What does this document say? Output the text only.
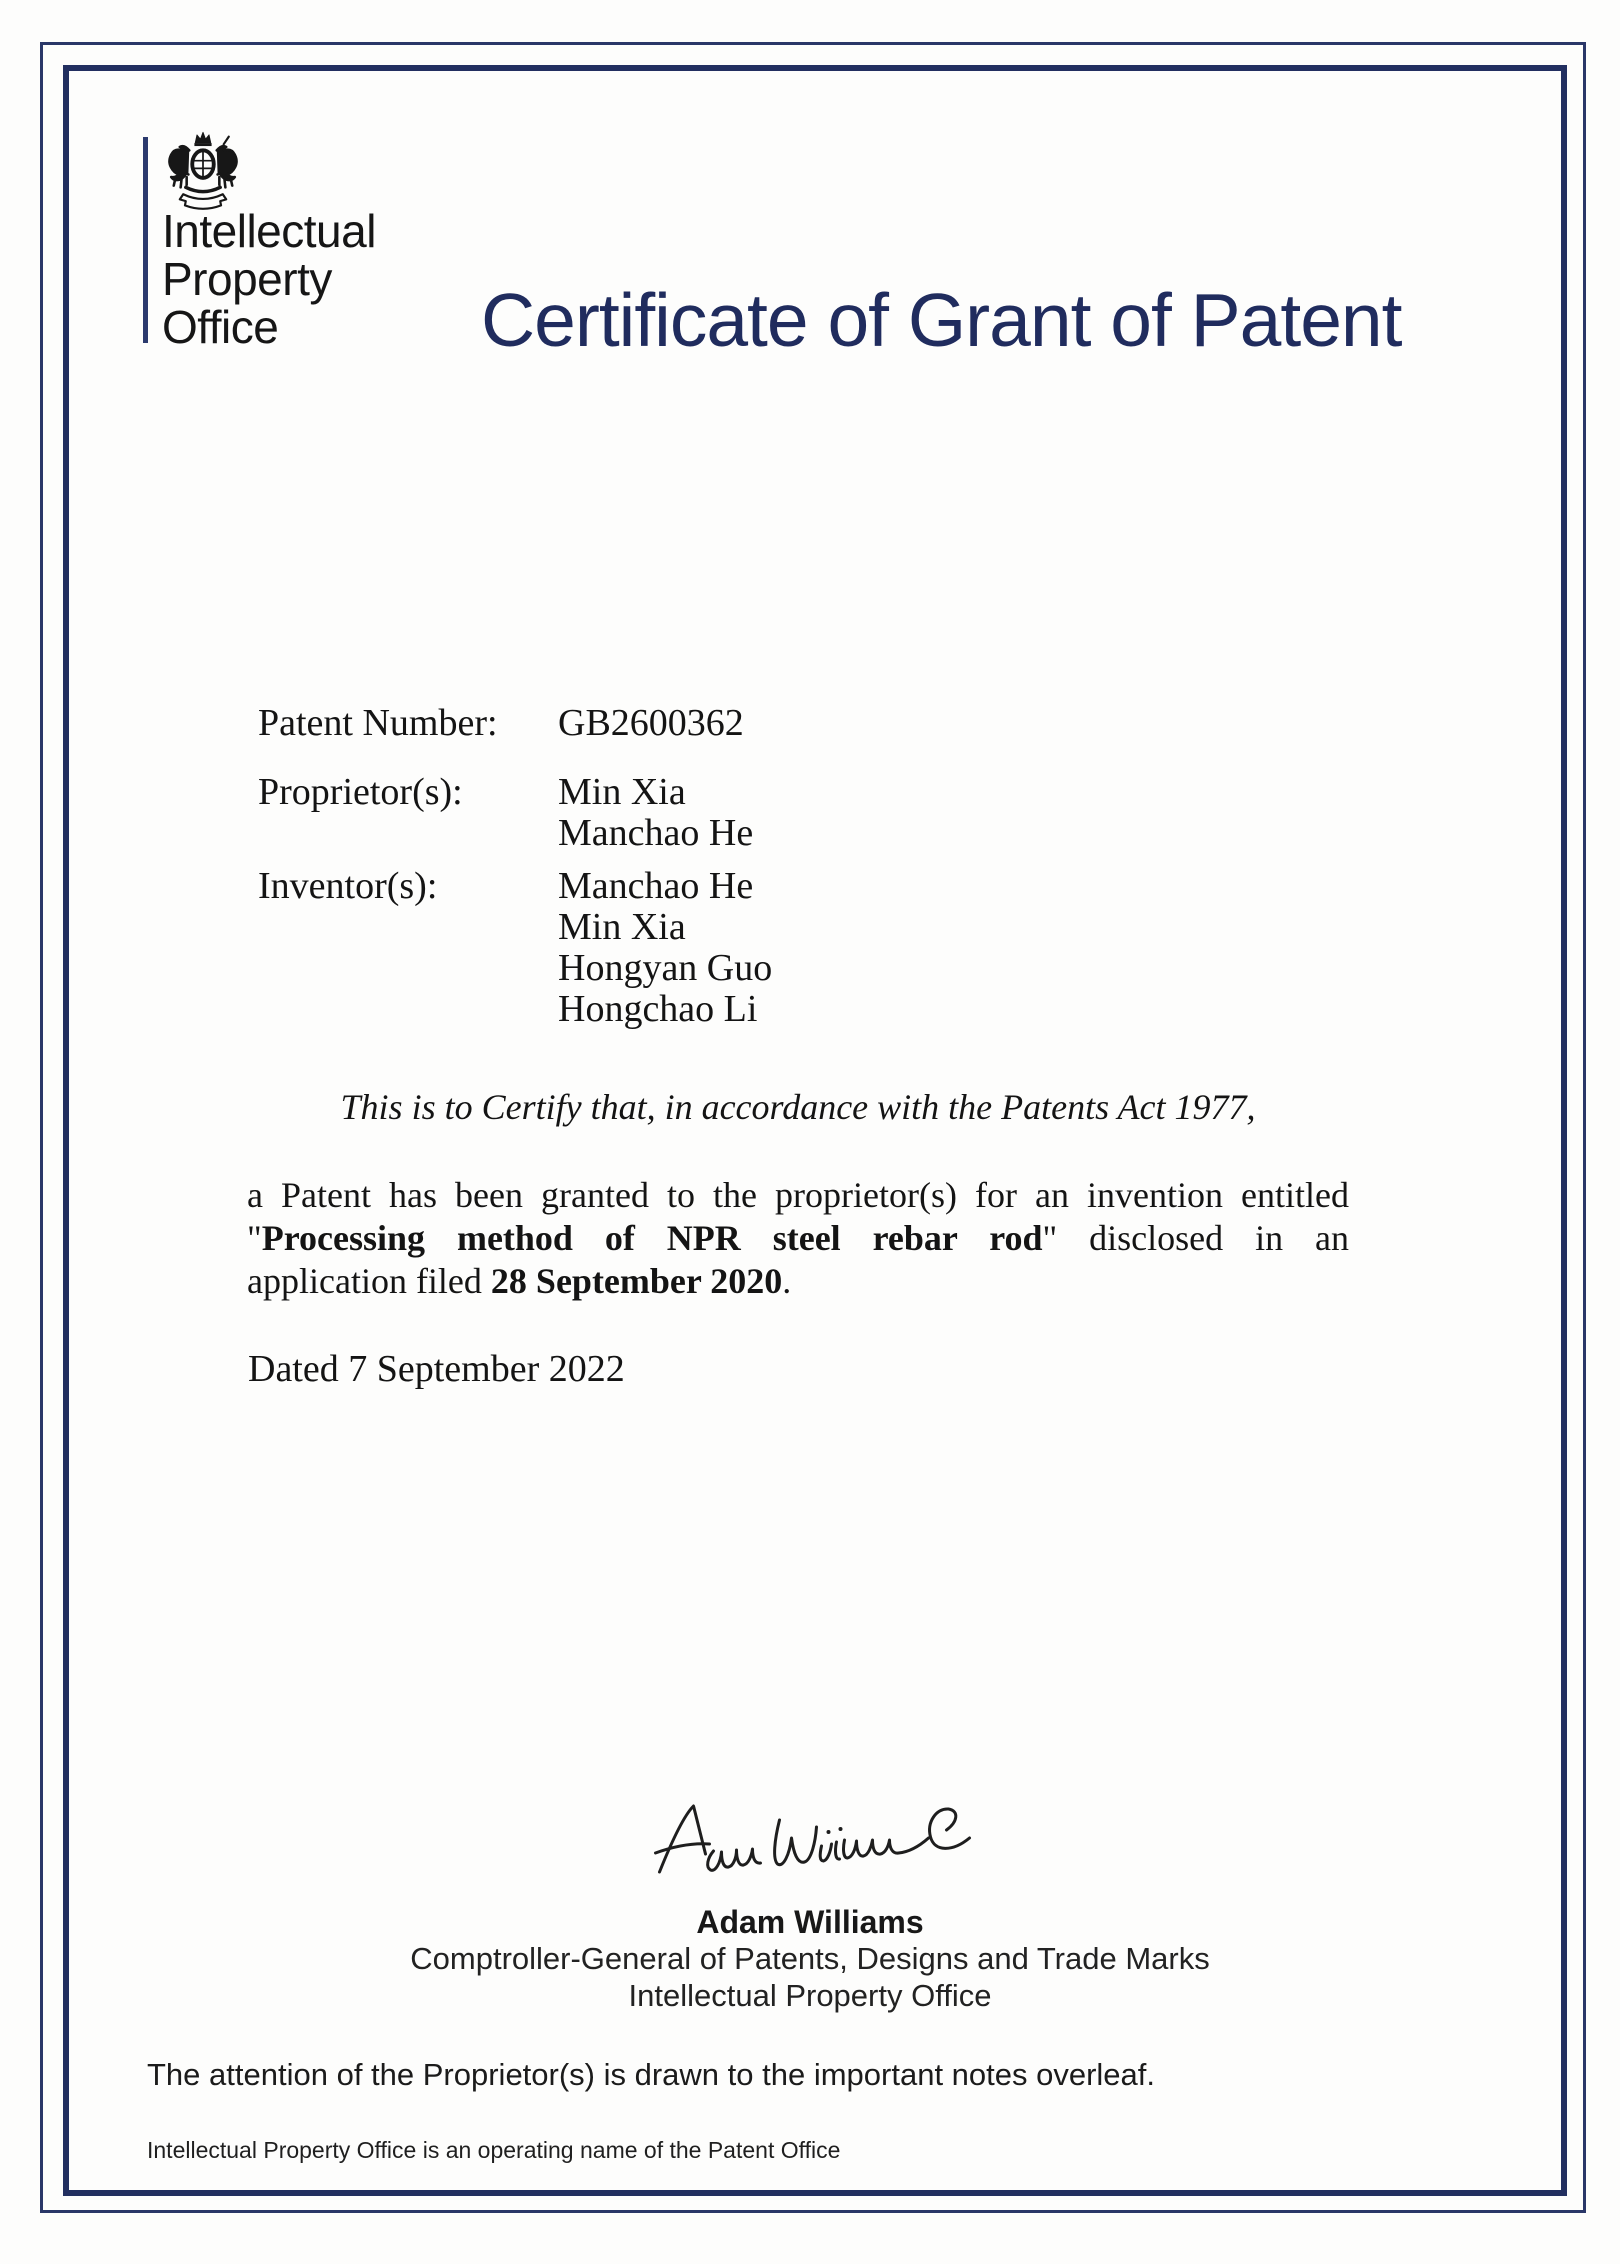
Intellectual
Property
Office	Certificate of Grant of Patent
Patent Number: GB2600362
Proprietor(s):	Min Xia
Manchao He
Inventor(s):	Manchao He
Min Xia
Hongyan Guo
Hongchao Li
This is to Certify that, in accordance with the Patents Act 1977,
a Patent has been granted to the proprietor(s) for an invention entitled
"Processing method of NPR steel rebar rod" disclosed in an
application filed 28 September 2020.
Dated 7 September 2022
Adam Williams
Comptroller-General of Patents, Designs and Trade Marks
Intellectual Property Office
The attention of the Proprietor(s) is drawn to the important notes overleaf.
Intellectual Property Office is an operating name of the Patent Office
